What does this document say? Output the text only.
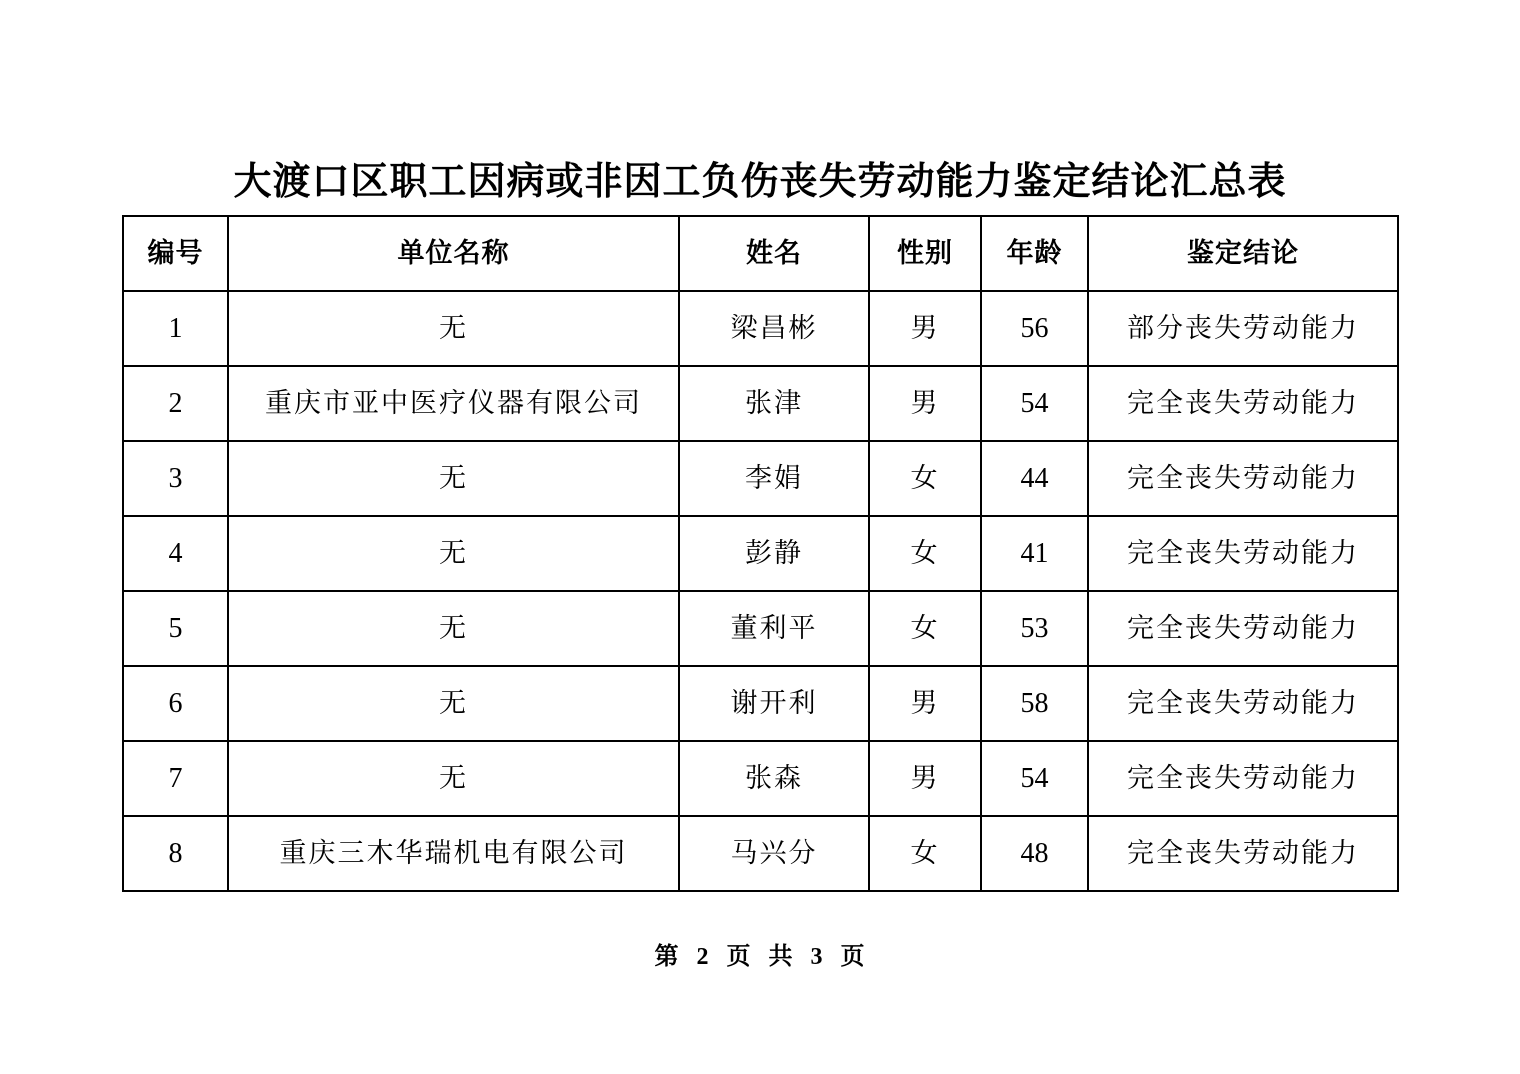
大渡口区职工因病或非因工负伤丧失劳动能力鉴定结论汇总表
编号	单位名称	姓名	性别	年龄	鉴定结论
1	无	梁昌彬	男	56	部分丧失劳动能力
2	重庆市亚中医疗仪器有限公司	张津	男	54	完全丧失劳动能力
3	无	李娟	女	44	完全丧失劳动能力
4	无	彭静	女	41	完全丧失劳动能力
5	无	董利平	女	53	完全丧失劳动能力
6	无	谢开利	男	58	完全丧失劳动能力
7	无	张森	男	54	完全丧失劳动能力
8	重庆三木华瑞机电有限公司	马兴分	女	48	完全丧失劳动能力
第 2 页 共 3 页
